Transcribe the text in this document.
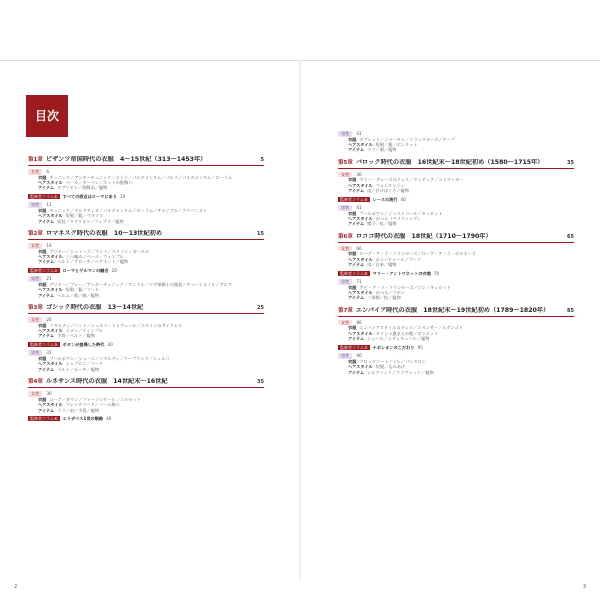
目次
第1章 ビザンツ帝国時代の衣服　4〜15世紀（313〜1453年）	5
女性 6
衣服 チュニック／アンダーチュニック／ストラ／パルダメンタム／パルラ／パルダメンタム／ローラム
ヘアスタイル ベール／ターバン／ネットの髪飾り
アイテム タブリオン／装飾品／履物
監修者コラム①	すべての原点はローマにあり 10
男性 11
衣服 チュニック／ダルマティカ／パルダメンタム／ローラム／チャジブル／クリパニオン
ヘアスタイル 短髪／髭／ペタソス
アイテム 短杖／タブリオン／フィブラ／履物
第2章 ロマネスク時代の衣服　10〜13世紀初め	15
女性 16
衣服 ブリオー／シュミーズ／マント／ペリソン／ガーネル
ヘアスタイル 三つ編み／ベール／ウィンプル
アイテム ベルト／ブローチ／ヘアネット／履物
監修者コラム②	ローマとゲルマンの融合 20
男性 21
衣服 ブリオー／ブレー／アンダーチュニック／マントル／十字軍騎士の服装／チューンメイル／アルマ
ヘアスタイル 短髪／髭／フード
アイテム ヘルム／盾／剣／履物
第3章 ゴシック時代の衣服　13〜14世紀	25
女性 26
衣服 コタルディ／コット／シュルコ・トゥヴェール／スペインのサイドレス
ヘアスタイル エナン／ウィンプル
アイテム 手袋／ベルト／履物
監修者コラム③	ボタンが登場した時代 30
男性 31
衣服 プールポワン／ショース／コタルディ／ウープランド／シュルコ
ヘアスタイル シャプロン／フード
アイテム ベルト／ポーチ／履物
第4章 ルネサンス時代の衣服　14世紀末〜16世紀	35
女性 36
衣服 ローブ／ガウン／ファージンゲール／コルセット
ヘアスタイル フレンチフード／パール飾り
アイテム ラフ／扇／手袋／履物
監修者コラム④	エリザベス1世の戦略 40
男性 41
衣服 ダブレット／ジャーキン／トランクホーズ／ケープ
ヘアスタイル 短髪／髭／ボンネット
アイテム ラフ／剣／履物
第5章 バロック時代の衣服　16世紀末〜18世紀初め（1580〜1715年）	35
女性 36
衣服 マリー・テレーズのドレス／マンテュア／ストマッカー
ヘアスタイル フォンタンジュ
アイテム 扇／付けぼくろ／履物
監修者コラム⑤	レースの流行 40
男性 41
衣服 プールポワン／ジュストコール／キュロット
ヘアスタイル かつら（ペリウィッグ）
アイテム 帽子／杖／履物
第6章 ロココ時代の衣服　18世紀（1710〜1790年）	65
女性 66
衣服 ローブ・ア・ラ・フランセーズ／ローブ・ア・ラ・ポロネーズ
ヘアスタイル ポンパドゥール／プーフ
アイテム 扇／日傘／履物
監修者コラム⑥	マリー・アントワネットの衣装 70
男性 71
衣服 アビ・ア・ラ・フランセーズ／ジレ／キュロット
ヘアスタイル かつら／リボン
アイテム 三角帽／杖／履物
第7章 エンパイア時代の衣服　18世紀末〜19世紀初め（1789〜1820年）	85
女性 86
衣服 エンパイアスタイルのドレス／スペンサー／ルダンゴト
ヘアスタイル ギリシャ風まとめ髪／ボンネット
アイテム ショール／レティキュール／履物
監修者コラム⑦	ナポレオンのこだわり 95
男性 96
衣服 フロックコート／ジレ／パンタロン
ヘアスタイル 短髪／もみあげ
アイテム シルクハット／クラヴァット／履物
2	3
